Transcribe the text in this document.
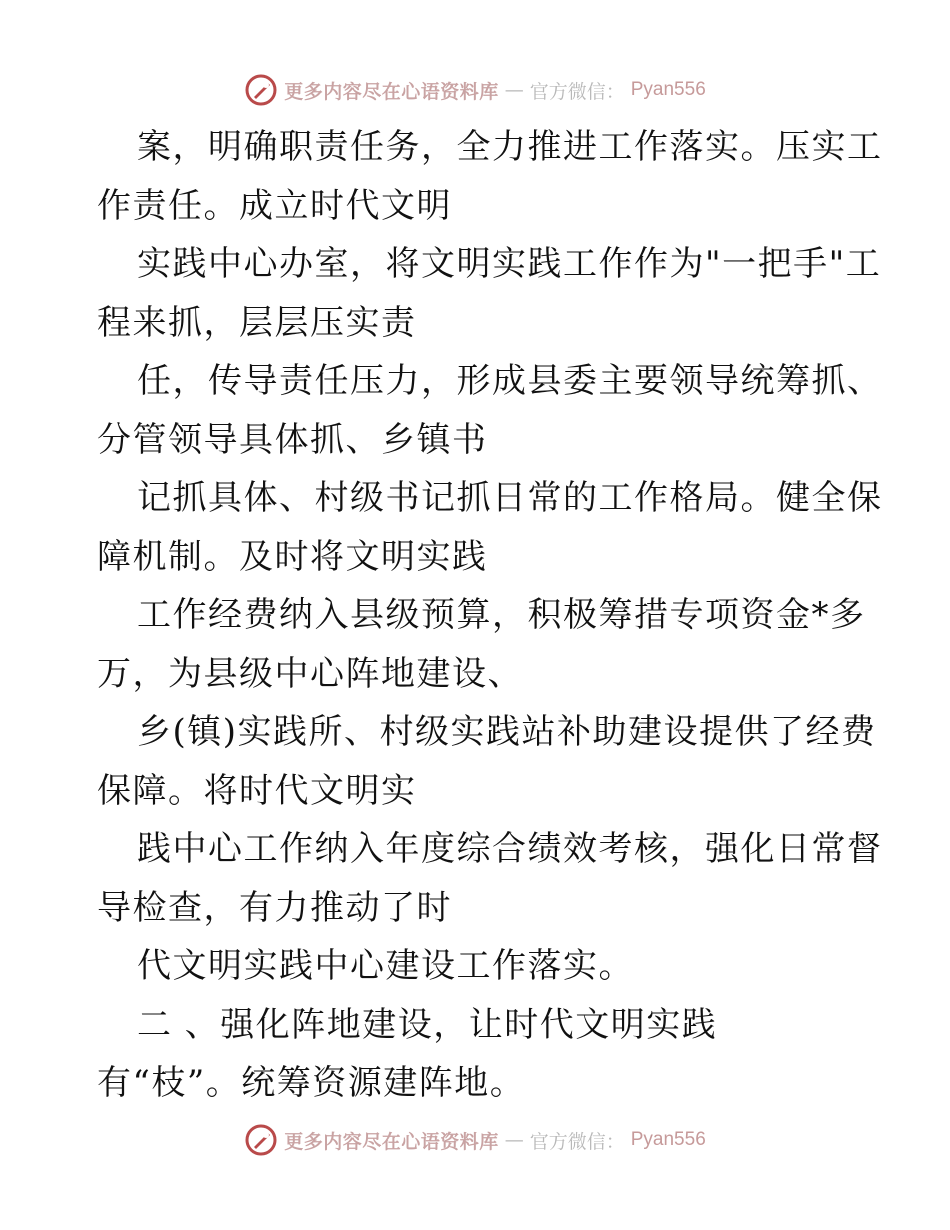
更多内容尽在心语资料库 — 官方微信： Pyan556
案，明确职责任务，全力推进工作落实。压实工
作责任。成立时代文明
实践中心办室，将文明实践工作作为"一把手"工
程来抓，层层压实责
任，传导责任压力，形成县委主要领导统筹抓、
分管领导具体抓、乡镇书
记抓具体、村级书记抓日常的工作格局。健全保
障机制。及时将文明实践
工作经费纳入县级预算，积极筹措专项资金*多
万，为县级中心阵地建设、
乡(镇)实践所、村级实践站补助建设提供了经费
保障。将时代文明实
践中心工作纳入年度综合绩效考核，强化日常督
导检查，有力推动了时
代文明实践中心建设工作落实。
二 、强化阵地建设，让时代文明实践
有“枝”。统筹资源建阵地。
更多内容尽在心语资料库 — 官方微信： Pyan556
